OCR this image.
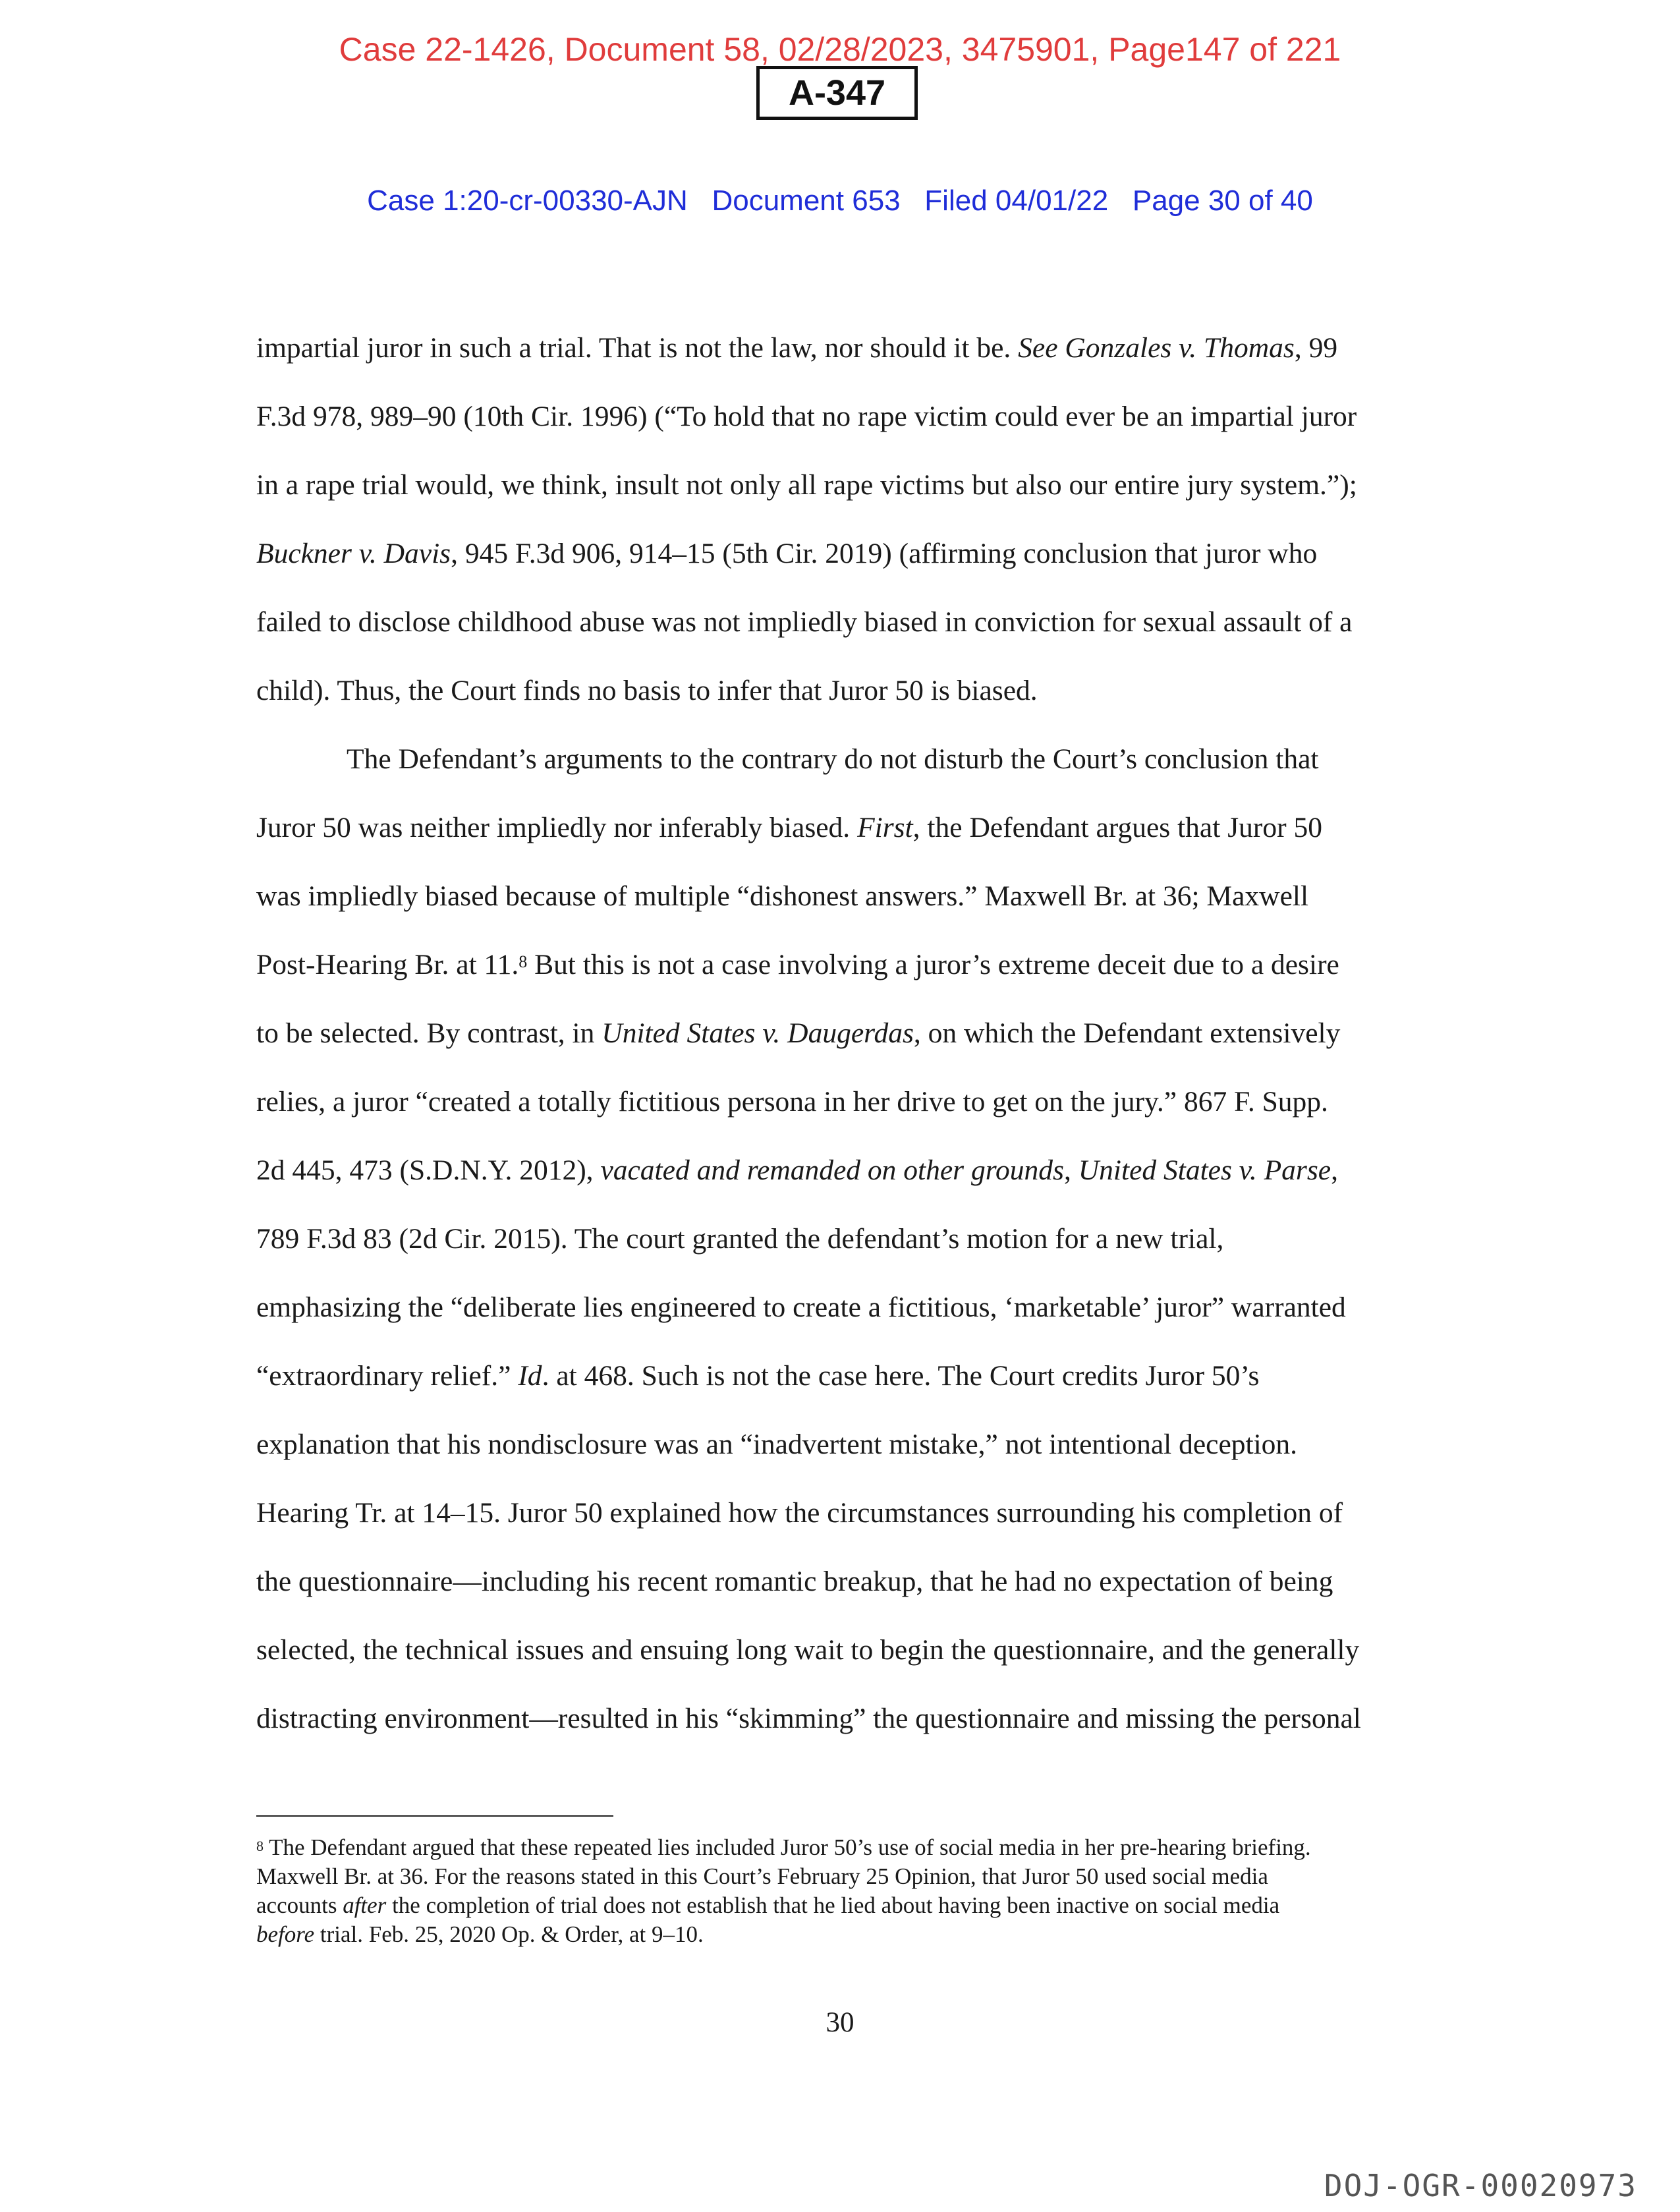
Case 22-1426, Document 58, 02/28/2023, 3475901, Page147 of 221
A-347
Case 1:20-cr-00330-AJN   Document 653   Filed 04/01/22   Page 30 of 40
impartial juror in such a trial. That is not the law, nor should it be. See Gonzales v. Thomas, 99
F.3d 978, 989–90 (10th Cir. 1996) (“To hold that no rape victim could ever be an impartial juror
in a rape trial would, we think, insult not only all rape victims but also our entire jury system.”);
Buckner v. Davis, 945 F.3d 906, 914–15 (5th Cir. 2019) (affirming conclusion that juror who
failed to disclose childhood abuse was not impliedly biased in conviction for sexual assault of a
child). Thus, the Court finds no basis to infer that Juror 50 is biased.
The Defendant’s arguments to the contrary do not disturb the Court’s conclusion that
Juror 50 was neither impliedly nor inferably biased. First, the Defendant argues that Juror 50
was impliedly biased because of multiple “dishonest answers.” Maxwell Br. at 36; Maxwell
Post-Hearing Br. at 11.$^8$ But this is not a case involving a juror’s extreme deceit due to a desire
to be selected. By contrast, in United States v. Daugerdas, on which the Defendant extensively
relies, a juror “created a totally fictitious persona in her drive to get on the jury.” 867 F. Supp.
2d 445, 473 (S.D.N.Y. 2012), vacated and remanded on other grounds, United States v. Parse,
789 F.3d 83 (2d Cir. 2015). The court granted the defendant’s motion for a new trial,
emphasizing the “deliberate lies engineered to create a fictitious, ‘marketable’ juror” warranted
“extraordinary relief.” Id. at 468. Such is not the case here. The Court credits Juror 50’s
explanation that his nondisclosure was an “inadvertent mistake,” not intentional deception.
Hearing Tr. at 14–15. Juror 50 explained how the circumstances surrounding his completion of
the questionnaire—including his recent romantic breakup, that he had no expectation of being
selected, the technical issues and ensuing long wait to begin the questionnaire, and the generally
distracting environment—resulted in his “skimming” the questionnaire and missing the personal
$^8$ The Defendant argued that these repeated lies included Juror 50’s use of social media in her pre-hearing briefing.
Maxwell Br. at 36. For the reasons stated in this Court’s February 25 Opinion, that Juror 50 used social media
accounts after the completion of trial does not establish that he lied about having been inactive on social media
before trial. Feb. 25, 2020 Op. & Order, at 9–10.
30
DOJ-OGR-00020973
